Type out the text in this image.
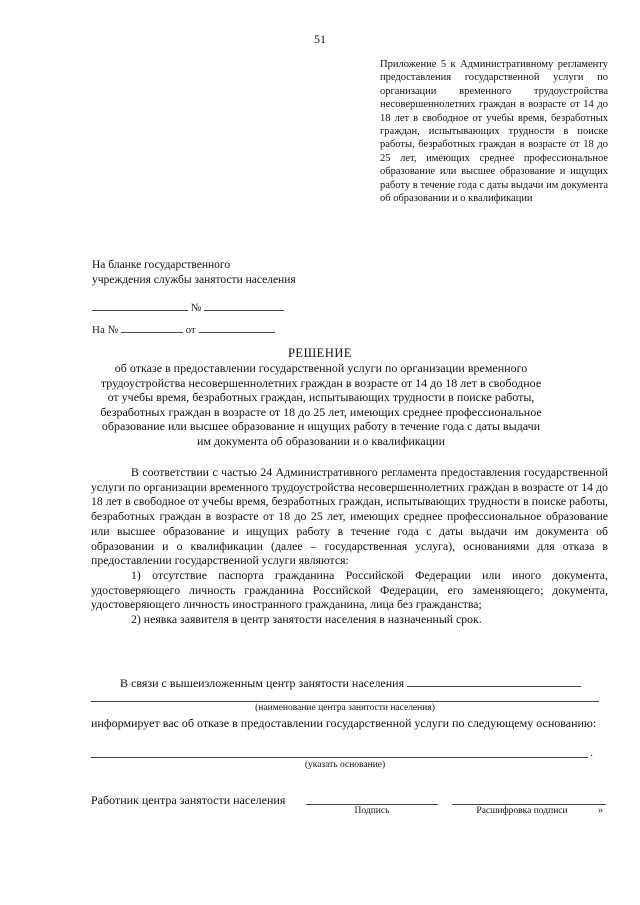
51
Приложение 5 к Административному регламенту предоставления государственной услуги по организации временного трудоустройства несовершеннолетних граждан в возрасте от 14 до 18 лет в свободное от учебы время, безработных граждан, испытывающих трудности в поиске работы, безработных граждан в возрасте от 18 до 25 лет, имеющих среднее профессиональное образование или высшее образование и ищущих работу в течение года с даты выдачи им документа об образовании и о квалификации
На бланке государственного
учреждения службы занятости населения
№
На №	от
РЕШЕНИЕ
об отказе в предоставлении государственной услуги по организации временного трудоустройства несовершеннолетних граждан в возрасте от 14 до 18 лет в свободное от учебы время, безработных граждан, испытывающих трудности в поиске работы, безработных граждан в возрасте от 18 до 25 лет, имеющих среднее профессиональное образование или высшее образование и ищущих работу в течение года с даты выдачи им документа об образовании и о квалификации

В соответствии с частью 24 Административного регламента предоставления государственной услуги по организации временного трудоустройства несовершеннолетних граждан в возрасте от 14 до 18 лет в свободное от учебы время, безработных граждан, испытывающих трудности в поиске работы, безработных граждан в возрасте от 18 до 25 лет, имеющих среднее профессиональное образование или высшее образование и ищущих работу в течение года с даты выдачи им документа об образовании и о квалификации (далее – государственная услуга), основаниями для отказа в предоставлении государственной услуги являются:

1) отсутствие паспорта гражданина Российской Федерации или иного документа, удостоверяющего личность гражданина Российской Федерации, его заменяющего; документа, удостоверяющего личность иностранного гражданина, лица без гражданства;

2) неявка заявителя в центр занятости населения в назначенный срок.

В связи с вышеизложенным центр занятости населения
(наименование центра занятости населения)
информирует вас об отказе в предоставлении государственной услуги по следующему основанию:
.
(указать основание)
Работник центра занятости населения
Подпись	Расшифровка подписи	»
